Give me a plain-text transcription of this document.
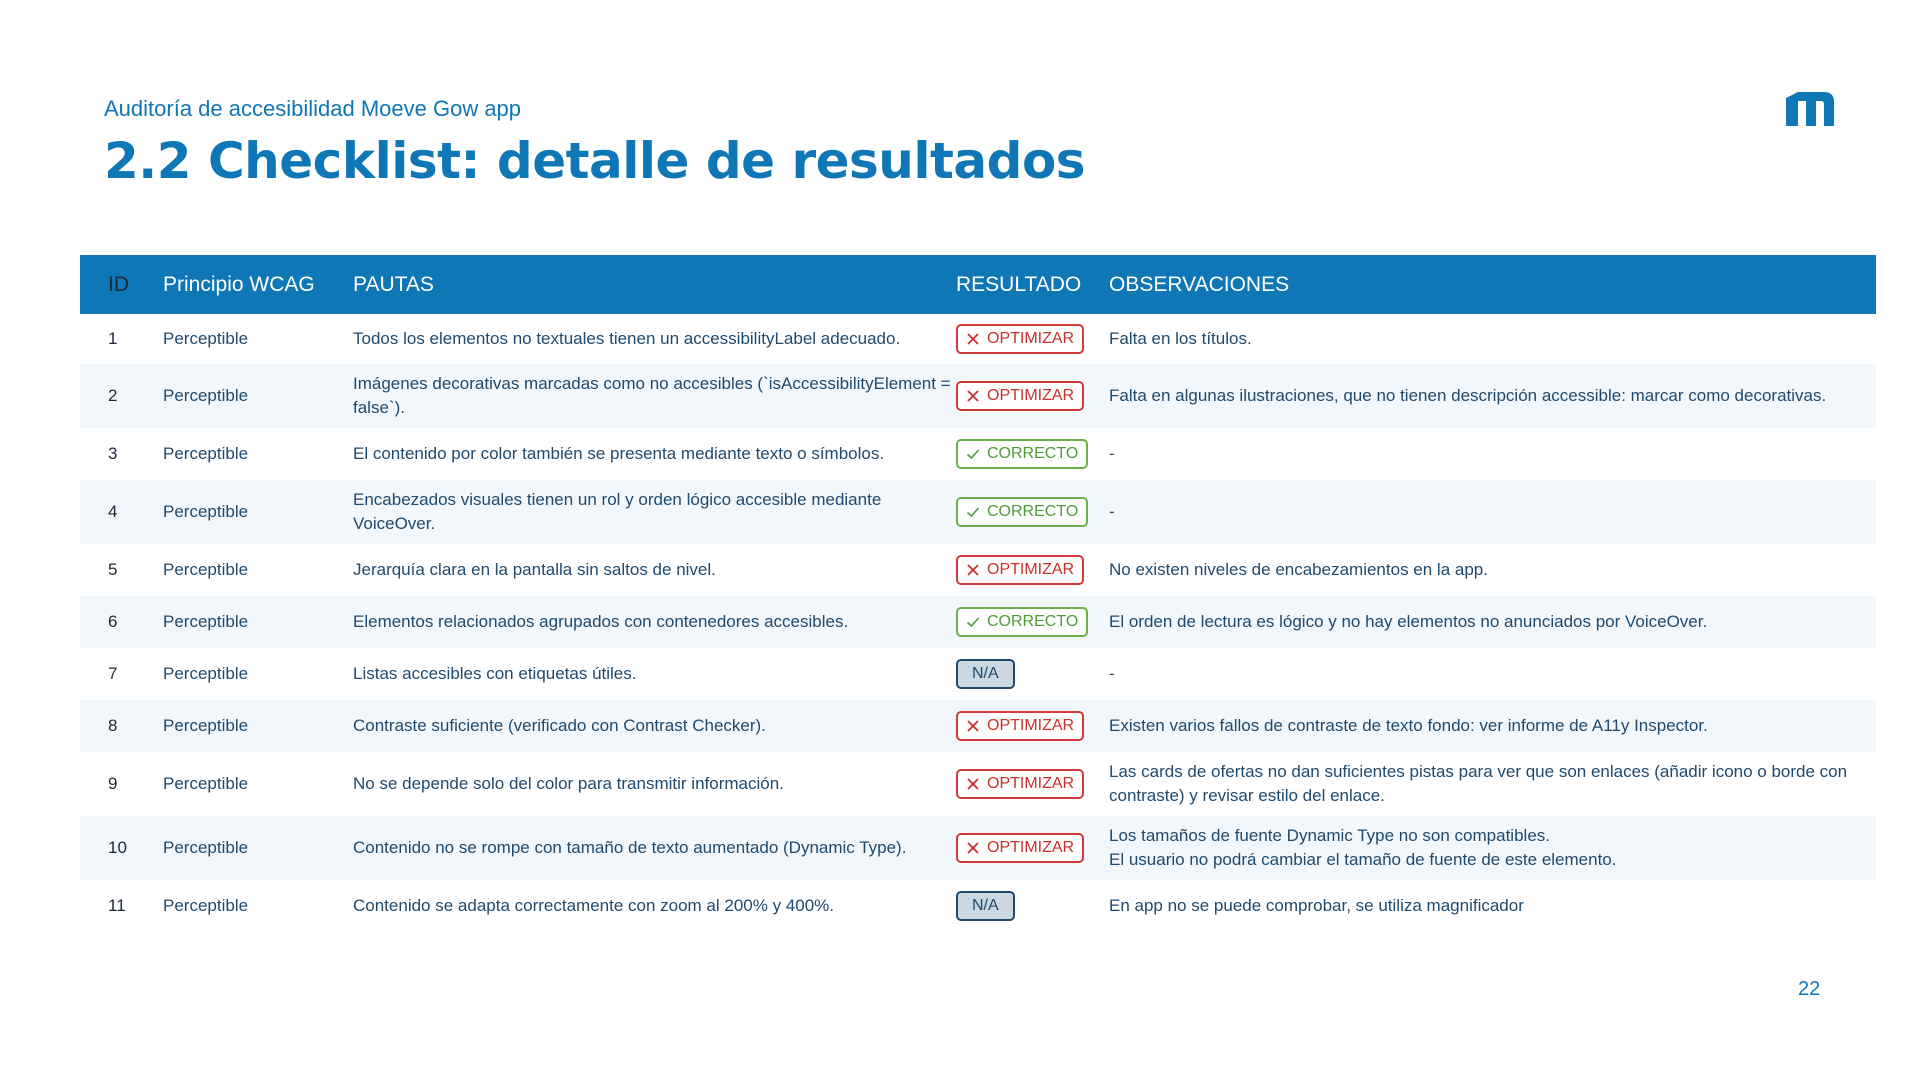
Auditoría de accesibilidad Moeve Gow app
2.2 Checklist: detalle de resultados
ID	Principio WCAG	PAUTAS	RESULTADO	OBSERVACIONES
1	Perceptible	Todos los elementos no textuales tienen un accessibilityLabel adecuado.	OPTIMIZAR	Falta en los títulos.
2	Perceptible	Imágenes decorativas marcadas como no accesibles (`isAccessibilityElement = false`).	OPTIMIZAR	Falta en algunas ilustraciones, que no tienen descripción accessible: marcar como decorativas.
3	Perceptible	El contenido por color también se presenta mediante texto o símbolos.	CORRECTO	-
4	Perceptible	Encabezados visuales tienen un rol y orden lógico accesible mediante VoiceOver.	CORRECTO	-
5	Perceptible	Jerarquía clara en la pantalla sin saltos de nivel.	OPTIMIZAR	No existen niveles de encabezamientos en la app.
6	Perceptible	Elementos relacionados agrupados con contenedores accesibles.	CORRECTO	El orden de lectura es lógico y no hay elementos no anunciados por VoiceOver.
7	Perceptible	Listas accesibles con etiquetas útiles.	N/A	-
8	Perceptible	Contraste suficiente (verificado con Contrast Checker).	OPTIMIZAR	Existen varios fallos de contraste de texto fondo: ver informe de A11y Inspector.
9	Perceptible	No se depende solo del color para transmitir información.	OPTIMIZAR	Las cards de ofertas no dan suficientes pistas para ver que son enlaces (añadir icono o borde con contraste) y revisar estilo del enlace.
10	Perceptible	Contenido no se rompe con tamaño de texto aumentado (Dynamic Type).	OPTIMIZAR	Los tamaños de fuente Dynamic Type no son compatibles.
El usuario no podrá cambiar el tamaño de fuente de este elemento.
11	Perceptible	Contenido se adapta correctamente con zoom al 200% y 400%.	N/A	En app no se puede comprobar, se utiliza magnificador
22
